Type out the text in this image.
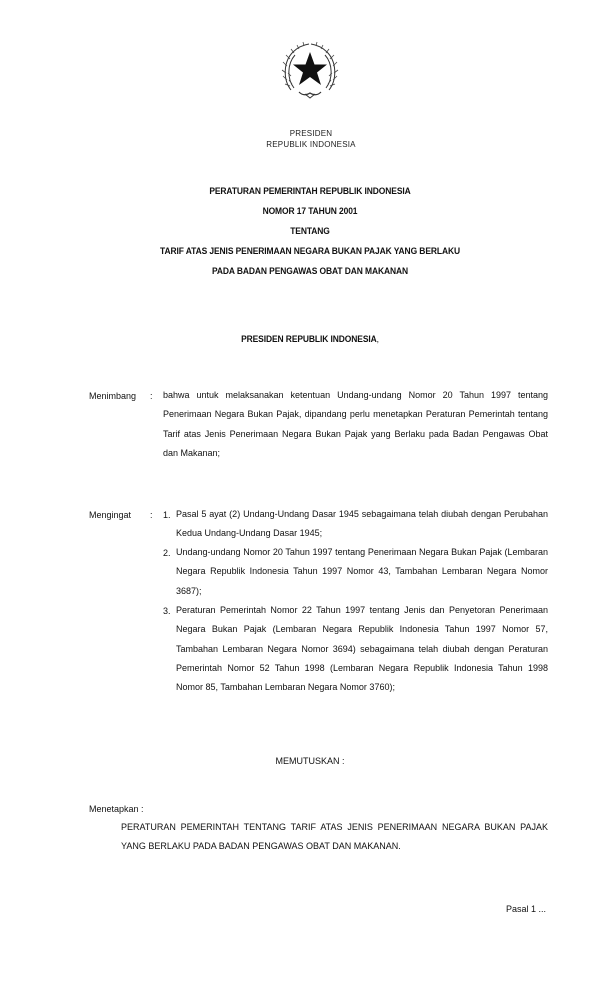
PRESIDEN
REPUBLIK INDONESIA
PERATURAN PEMERINTAH REPUBLIK INDONESIA
NOMOR 17 TAHUN 2001
TENTANG
TARIF ATAS JENIS PENERIMAAN NEGARA BUKAN PAJAK YANG BERLAKU
PADA BADAN PENGAWAS OBAT DAN MAKANAN
PRESIDEN REPUBLIK INDONESIA,
Menimbang : bahwa untuk melaksanakan ketentuan Undang-undang Nomor 20 Tahun 1997 tentang Penerimaan Negara Bukan Pajak, dipandang perlu menetapkan Peraturan Pemerintah tentang Tarif atas Jenis Penerimaan Negara Bukan Pajak yang Berlaku pada Badan Pengawas Obat dan Makanan;
Mengingat : 1. Pasal 5 ayat (2) Undang-Undang Dasar 1945 sebagaimana telah diubah dengan Perubahan Kedua Undang-Undang Dasar 1945;
2. Undang-undang Nomor 20 Tahun 1997 tentang Penerimaan Negara Bukan Pajak (Lembaran Negara Republik Indonesia Tahun 1997 Nomor 43, Tambahan Lembaran Negara Nomor 3687);
3. Peraturan Pemerintah Nomor 22 Tahun 1997 tentang Jenis dan Penyetoran Penerimaan Negara Bukan Pajak (Lembaran Negara Republik Indonesia Tahun 1997 Nomor 57, Tambahan Lembaran Negara Nomor 3694) sebagaimana telah diubah dengan Peraturan Pemerintah Nomor 52 Tahun 1998 (Lembaran Negara Republik Indonesia Tahun 1998 Nomor 85, Tambahan Lembaran Negara Nomor 3760);
MEMUTUSKAN :
Menetapkan :
PERATURAN PEMERINTAH TENTANG TARIF ATAS JENIS PENERIMAAN NEGARA BUKAN PAJAK YANG BERLAKU PADA BADAN PENGAWAS OBAT DAN MAKANAN.
Pasal 1 ...
